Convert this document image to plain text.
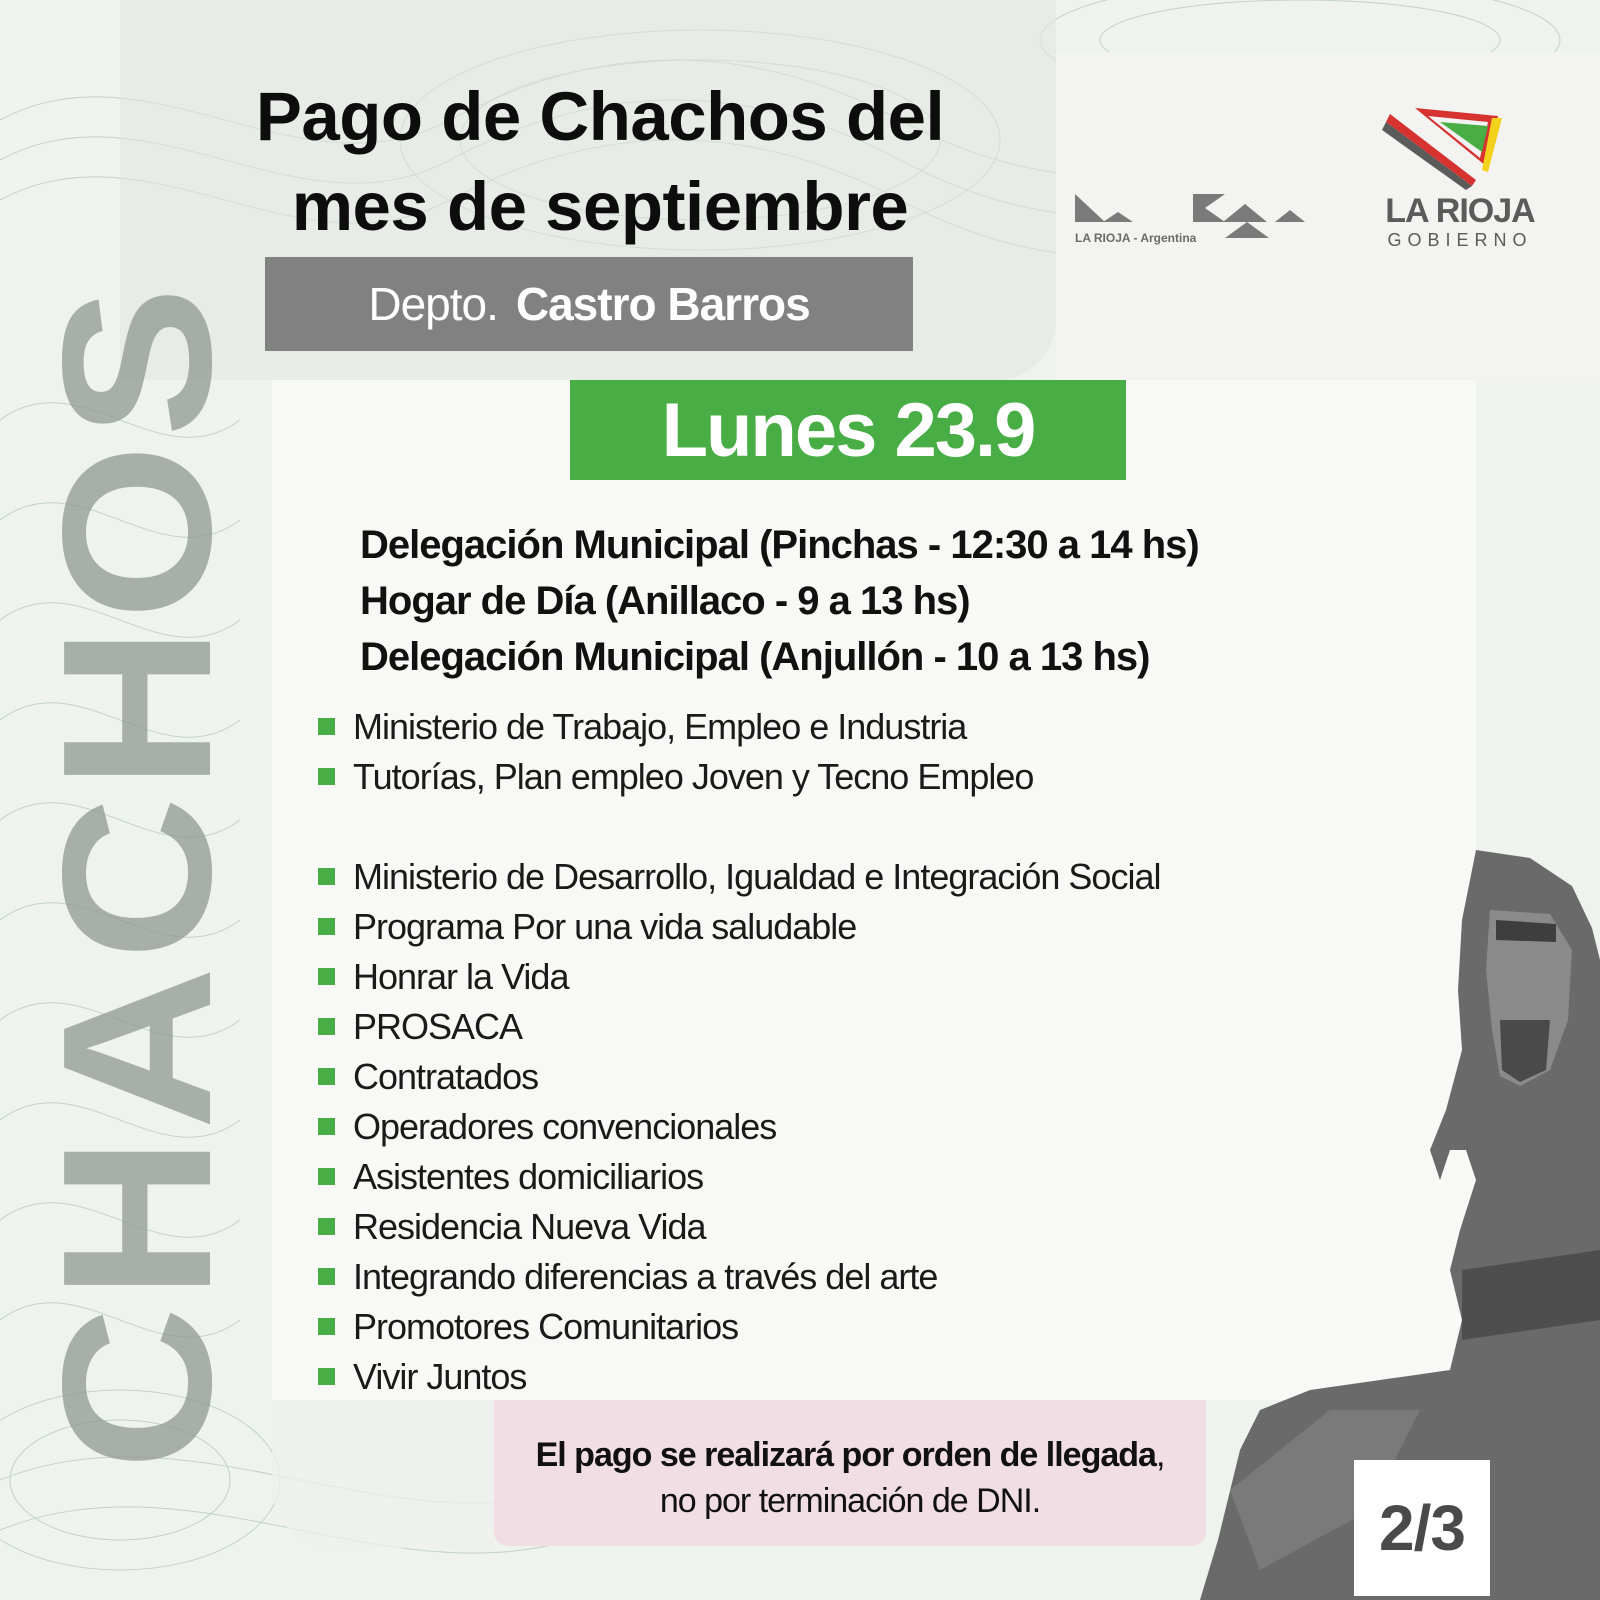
CHACHOS
Pago de Chachos del
mes de septiembre
Depto. Castro Barros
LA RIOJA - Argentina
LA RIOJA
GOBIERNO
Lunes 23.9
Delegación Municipal (Pinchas - 12:30 a 14 hs)
Hogar de Día (Anillaco - 9 a 13 hs)
Delegación Municipal (Anjullón - 10 a 13 hs)
Ministerio de Trabajo, Empleo e Industria
Tutorías, Plan empleo Joven y Tecno Empleo
Ministerio de Desarrollo, Igualdad e Integración Social
Programa Por una vida saludable
Honrar la Vida
PROSACA
Contratados
Operadores convencionales
Asistentes domiciliarios
Residencia Nueva Vida
Integrando diferencias a través del arte
Promotores Comunitarios
Vivir Juntos
El pago se realizará por orden de llegada,
no por terminación de DNI.	2/3
